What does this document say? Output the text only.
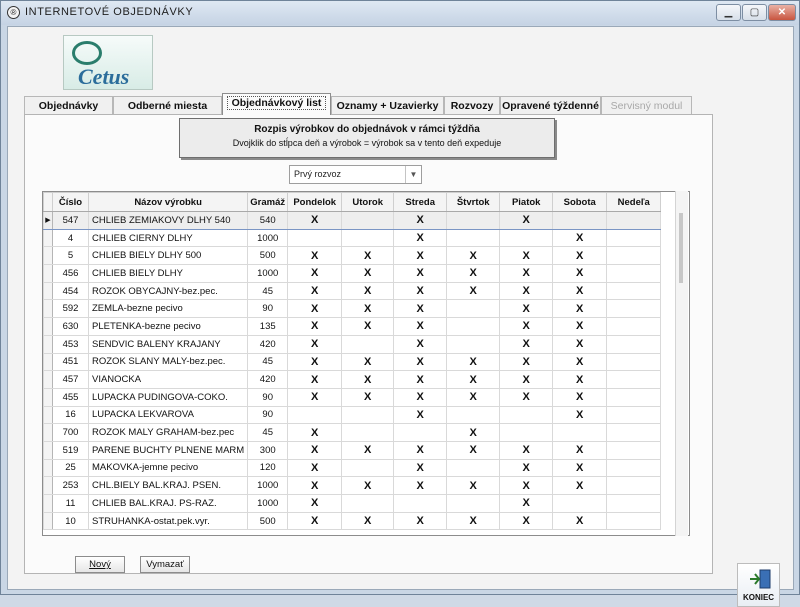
® INTERNETOVÉ OBJEDNÁVKY	▁	▢	✕
Cetus
Objednávky	Odberné miesta	Objednávkový list	Oznamy + Uzavierky	Rozvozy Opravené týždenné	Servisný modul
Rozpis výrobkov do objednávok v rámci týždňa
Dvojklik do stĺpca deň a výrobok = výrobok sa v tento deň expeduje
Prvý rozvoz	▼
	Číslo	Názov výrobku	Gramáž	Pondelok	Utorok	Streda	Štvrtok	Piatok	Sobota	Nedeľa
▶	547	CHLIEB ZEMIAKOVY DLHY 540	540	X		X		X		
	4	CHLIEB CIERNY DLHY	1000			X			X	
	5	CHLIEB BIELY DLHY 500	500	X	X	X	X	X	X	
	456	CHLIEB BIELY DLHY	1000	X	X	X	X	X	X	
	454	ROZOK OBYCAJNY-bez.pec.	45	X	X	X	X	X	X	
	592	ZEMLA-bezne pecivo	90	X	X	X		X	X	
	630	PLETENKA-bezne pecivo	135	X	X	X		X	X	
	453	SENDVIC BALENY KRAJANY	420	X		X		X	X	
	451	ROZOK SLANY MALY-bez.pec.	45	X	X	X	X	X	X	
	457	VIANOCKA	420	X	X	X	X	X	X	
	455	LUPACKA PUDINGOVA-COKO.	90	X	X	X	X	X	X	
	16	LUPACKA LEKVAROVA	90			X			X	
	700	ROZOK MALY GRAHAM-bez.pec	45	X			X			
	519	PARENE BUCHTY PLNENE MARM	300	X	X	X	X	X	X	
	25	MAKOVKA-jemne pecivo	120	X		X		X	X	
	253	CHL.BIELY BAL.KRAJ. PSEN.	1000	X	X	X	X	X	X	
	11	CHLIEB BAL.KRAJ. PS-RAZ.	1000	X				X		
	10	STRUHANKA-ostat.pek.vyr.	500	X	X	X	X	X	X	
Nový	Vymazať
KONIEC
